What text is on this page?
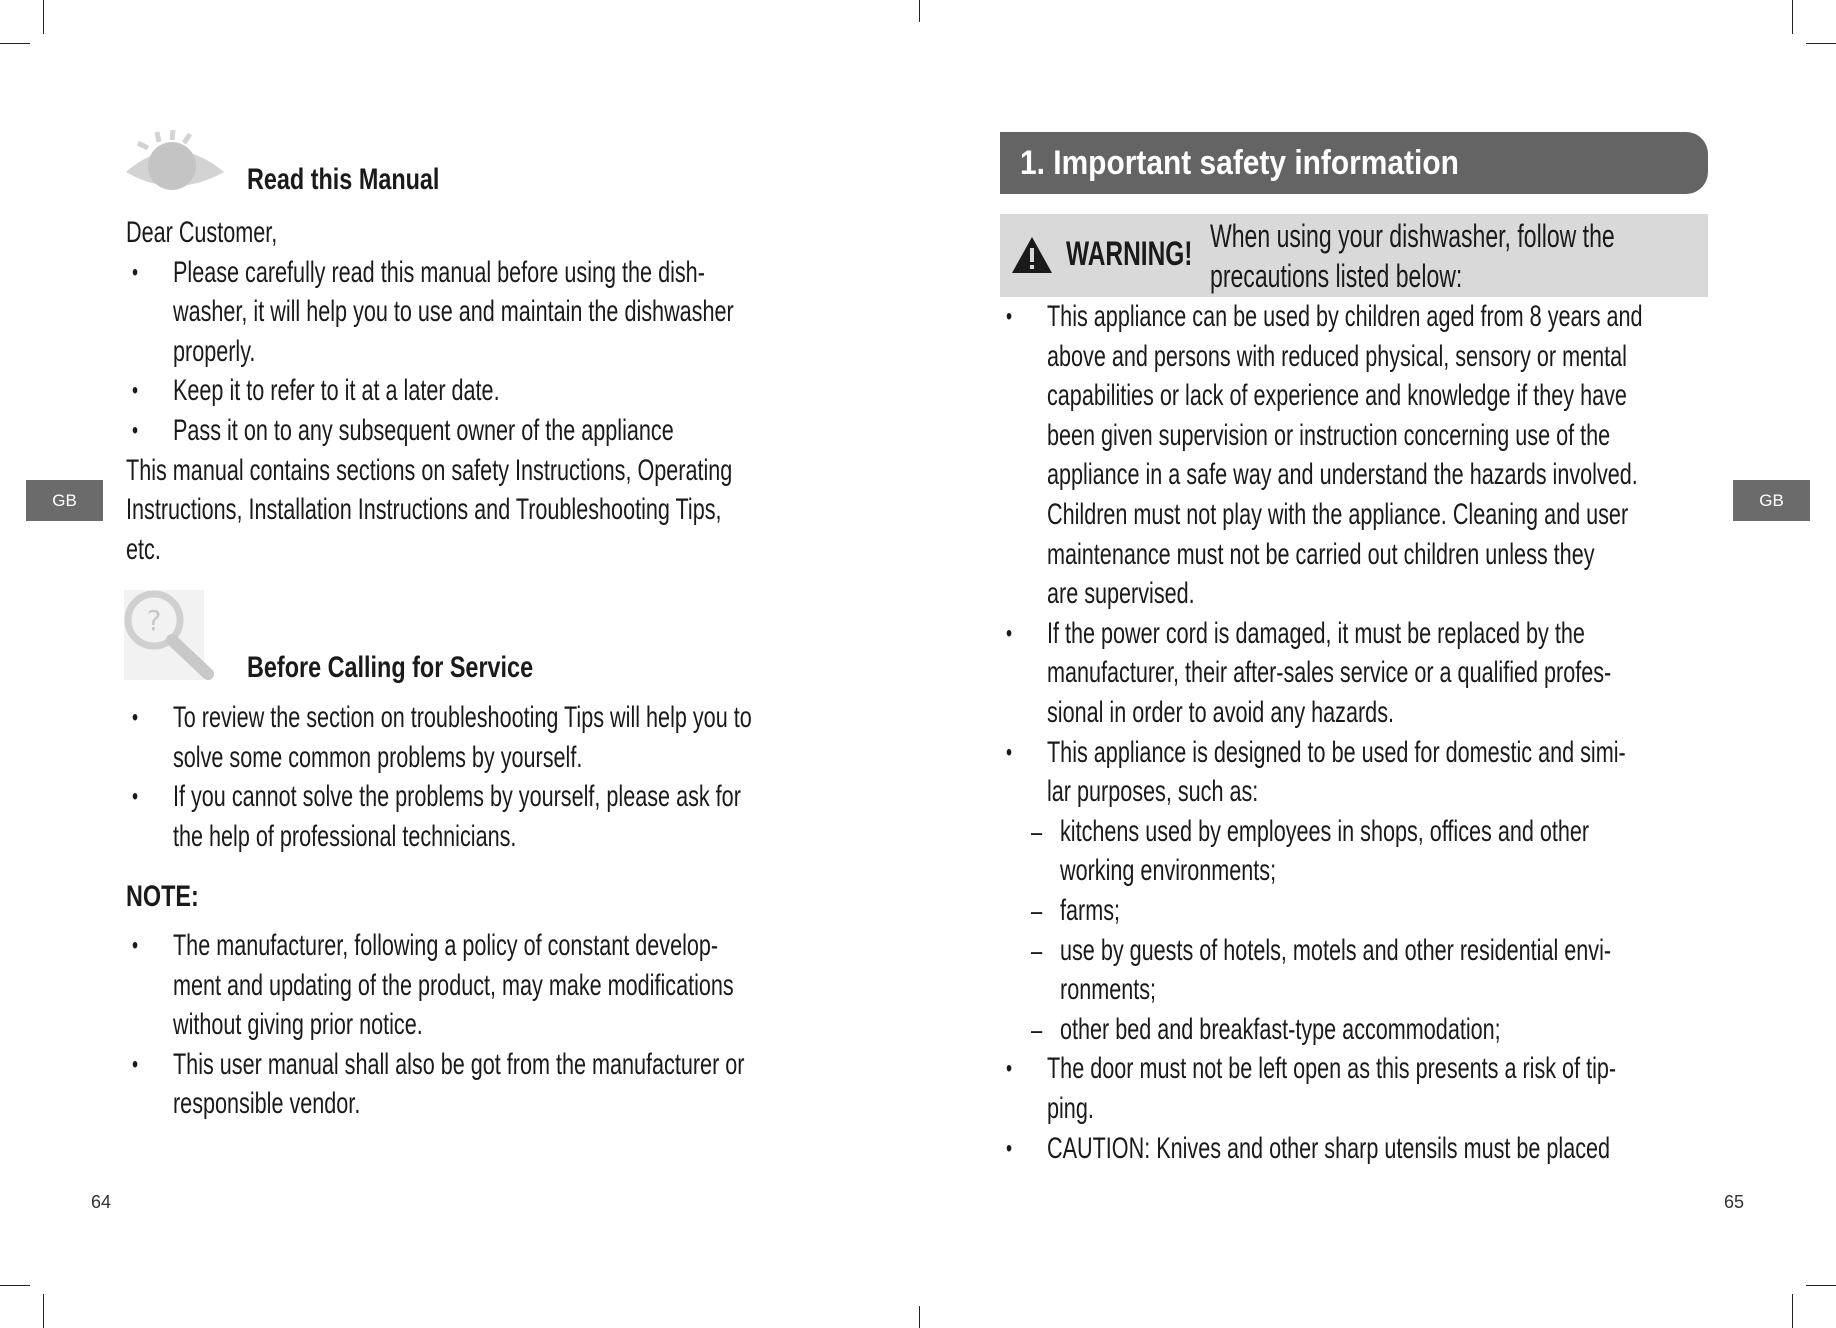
GB	GB
64	65
Read this Manual
?
Before Calling for Service
NOTE:
Dear Customer,
• Please carefully read this manual before using the dish-
washer, it will help you to use and maintain the dishwasher
properly.
• Keep it to refer to it at a later date.
• Pass it on to any subsequent owner of the appliance
This manual contains sections on safety Instructions, Operating
Instructions, Installation Instructions and Troubleshooting Tips,
etc.
• To review the section on troubleshooting Tips will help you to
solve some common problems by yourself.
• If you cannot solve the problems by yourself, please ask for
the help of professional technicians.
• The manufacturer, following a policy of constant develop-
ment and updating of the product, may make modifications
without giving prior notice.
• This user manual shall also be got from the manufacturer or
responsible vendor.
1. Important safety information
WARNING! When using your dishwasher, follow the
precautions listed below:
• This appliance can be used by children aged from 8 years and
above and persons with reduced physical, sensory or mental
capabilities or lack of experience and knowledge if they have
been given supervision or instruction concerning use of the
appliance in a safe way and understand the hazards involved.
Children must not play with the appliance. Cleaning and user
maintenance must not be carried out children unless they
are supervised.
• If the power cord is damaged, it must be replaced by the
manufacturer, their after-sales service or a qualified profes-
sional in order to avoid any hazards.
• This appliance is designed to be used for domestic and simi-
lar purposes, such as:
– kitchens used by employees in shops, offices and other
working environments;
– farms;
– use by guests of hotels, motels and other residential envi-
ronments;
– other bed and breakfast-type accommodation;
• The door must not be left open as this presents a risk of tip-
ping.
• CAUTION: Knives and other sharp utensils must be placed
